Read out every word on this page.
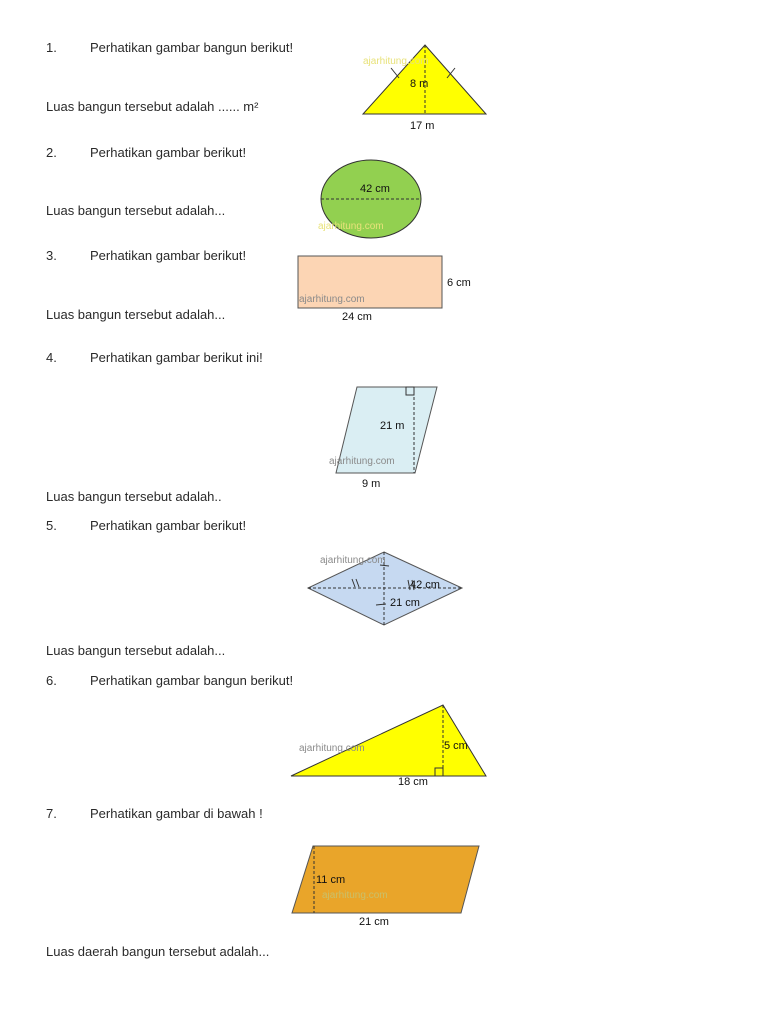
1.	Perhatikan gambar bangun berikut!
Luas bangun tersebut adalah ...... m²
ajarhitung.com
8 m
17 m
2.	Perhatikan gambar berikut!
Luas bangun tersebut adalah...
42 cm
ajarhitung.com
3.	Perhatikan gambar berikut!
Luas bangun tersebut adalah...
ajarhitung.com
6 cm
24 cm
4.	Perhatikan gambar berikut ini!
Luas bangun tersebut adalah..
21 m
ajarhitung.com
9 m
5.	Perhatikan gambar berikut!
Luas bangun tersebut adalah...
ajarhitung.com
42 cm
21 cm
6.	Perhatikan gambar bangun berikut!
ajarhitung.com	5 cm
18 cm
7.	Perhatikan gambar di bawah !
Luas daerah bangun tersebut adalah...
11 cm
ajarhitung.com
21 cm
